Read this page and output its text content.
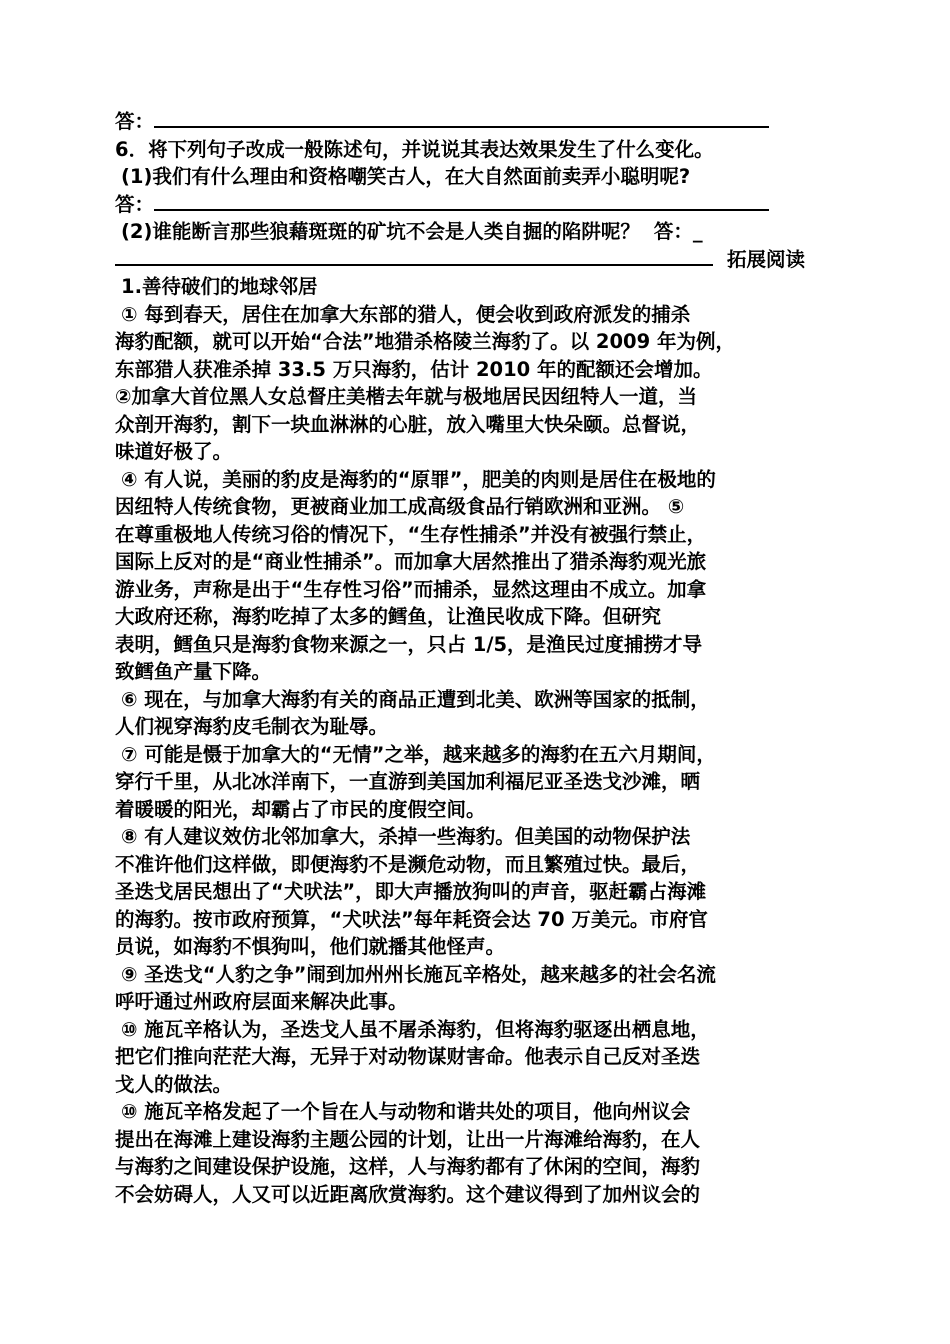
答：
6．将下列句子改成一般陈述句，并说说其表达效果发生了什么变化。
(1)我们有什么理由和资格嘲笑古人，在大自然面前卖弄小聪明呢?
答：
(2)谁能断言那些狼藉斑斑的矿坑不会是人类自掘的陷阱呢？ 答：_
拓展阅读
1.善待破们的地球邻居
① 每到春天，居住在加拿大东部的猎人，便会收到政府派发的捕杀
海豹配额，就可以开始“合法”地猎杀格陵兰海豹了。以 2009 年为例，
东部猎人获准杀掉 33.5 万只海豹，估计 2010 年的配额还会增加。
②加拿大首位黑人女总督庄美楷去年就与极地居民因纽特人一道，当
众剖开海豹，割下一块血淋淋的心脏，放入嘴里大快朵颐。总督说，
味道好极了。
④ 有人说，美丽的豹皮是海豹的“原罪”，肥美的肉则是居住在极地的
因纽特人传统食物，更被商业加工成高级食品行销欧洲和亚洲。 ⑤
在尊重极地人传统习俗的情况下，“生存性捕杀”并没有被强行禁止，
国际上反对的是“商业性捕杀”。而加拿大居然推出了猎杀海豹观光旅
游业务，声称是出于“生存性习俗”而捕杀，显然这理由不成立。加拿
大政府还称，海豹吃掉了太多的鳕鱼，让渔民收成下降。但研究
表明，鳕鱼只是海豹食物来源之一，只占 1/5，是渔民过度捕捞才导
致鳕鱼产量下降。
⑥ 现在，与加拿大海豹有关的商品正遭到北美、欧洲等国家的抵制，
人们视穿海豹皮毛制衣为耻辱。
⑦ 可能是慑于加拿大的“无情”之举，越来越多的海豹在五六月期间，
穿行千里，从北冰洋南下，一直游到美国加利福尼亚圣迭戈沙滩，晒
着暖暖的阳光，却霸占了市民的度假空间。
⑧ 有人建议效仿北邻加拿大，杀掉一些海豹。但美国的动物保护法
不准许他们这样做，即便海豹不是濒危动物，而且繁殖过快。最后，
圣迭戈居民想出了“犬吠法”，即大声播放狗叫的声音，驱赶霸占海滩
的海豹。按市政府预算，“犬吠法”每年耗资会达 70 万美元。市府官
员说，如海豹不惧狗叫，他们就播其他怪声。
⑨ 圣迭戈“人豹之争”闹到加州州长施瓦辛格处，越来越多的社会名流
呼吁通过州政府层面来解决此事。
⑩ 施瓦辛格认为，圣迭戈人虽不屠杀海豹，但将海豹驱逐出栖息地，
把它们推向茫茫大海，无异于对动物谋财害命。他表示自己反对圣迭
戈人的做法。
⑩ 施瓦辛格发起了一个旨在人与动物和谐共处的项目，他向州议会
提出在海滩上建设海豹主题公园的计划，让出一片海滩给海豹，在人
与海豹之间建设保护设施，这样，人与海豹都有了休闲的空间，海豹
不会妨碍人，人又可以近距离欣赏海豹。这个建议得到了加州议会的
